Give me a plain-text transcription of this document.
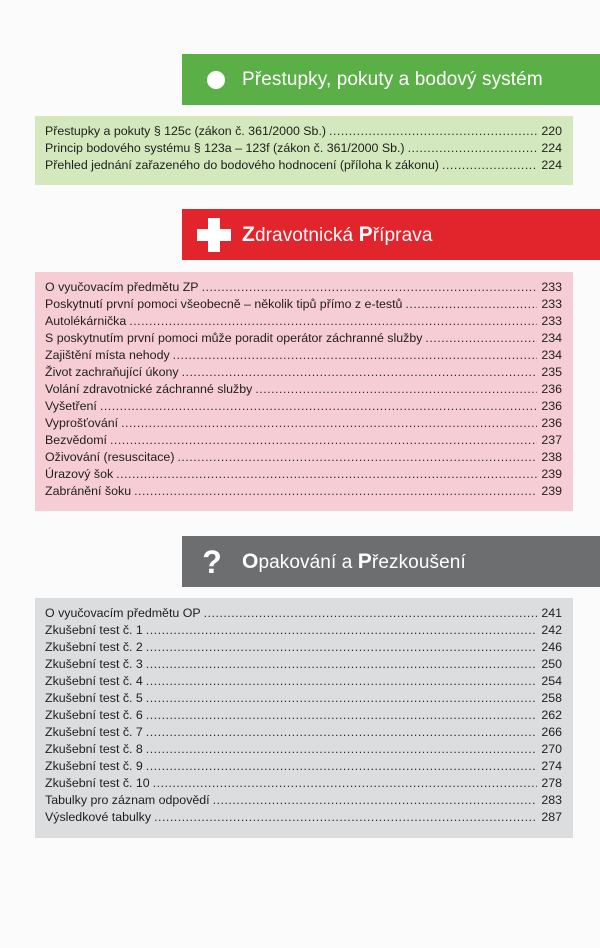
Přestupky, pokuty a bodový systém
Přestupky a pokuty § 125c (zákon č. 361/2000 Sb.) .....	220
Princip bodového systému § 123a – 123f (zákon č. 361/2000 Sb.) .....	224
Přehled jednání zařazeného do bodového hodnocení (příloha k zákonu) .....	224
Zdravotnická Příprava
O vyučovacím předmětu ZP .....	233
Poskytnutí první pomoci všeobecně – několik tipů přímo z e-testů .....	233
Autolékárnička .....	233
S poskytnutím první pomoci může poradit operátor záchranné služby .....	234
Zajištění místa nehody .....	234
Život zachraňující úkony .....	235
Volání zdravotnické záchranné služby .....	236
Vyšetření .....	236
Vyprošťování .....	236
Bezvědomí .....	237
Oživování (resuscitace) .....	238
Úrazový šok .....	239
Zabránění šoku .....	239
? Opakování a Přezkoušení
O vyučovacím předmětu OP .....	241
Zkušební test č. 1 .....	242
Zkušební test č. 2 .....	246
Zkušební test č. 3 .....	250
Zkušební test č. 4 .....	254
Zkušební test č. 5 .....	258
Zkušební test č. 6 .....	262
Zkušební test č. 7 .....	266
Zkušební test č. 8 .....	270
Zkušební test č. 9 .....	274
Zkušební test č. 10 .....	278
Tabulky pro záznam odpovědí .....	283
Výsledkové tabulky .....	287
